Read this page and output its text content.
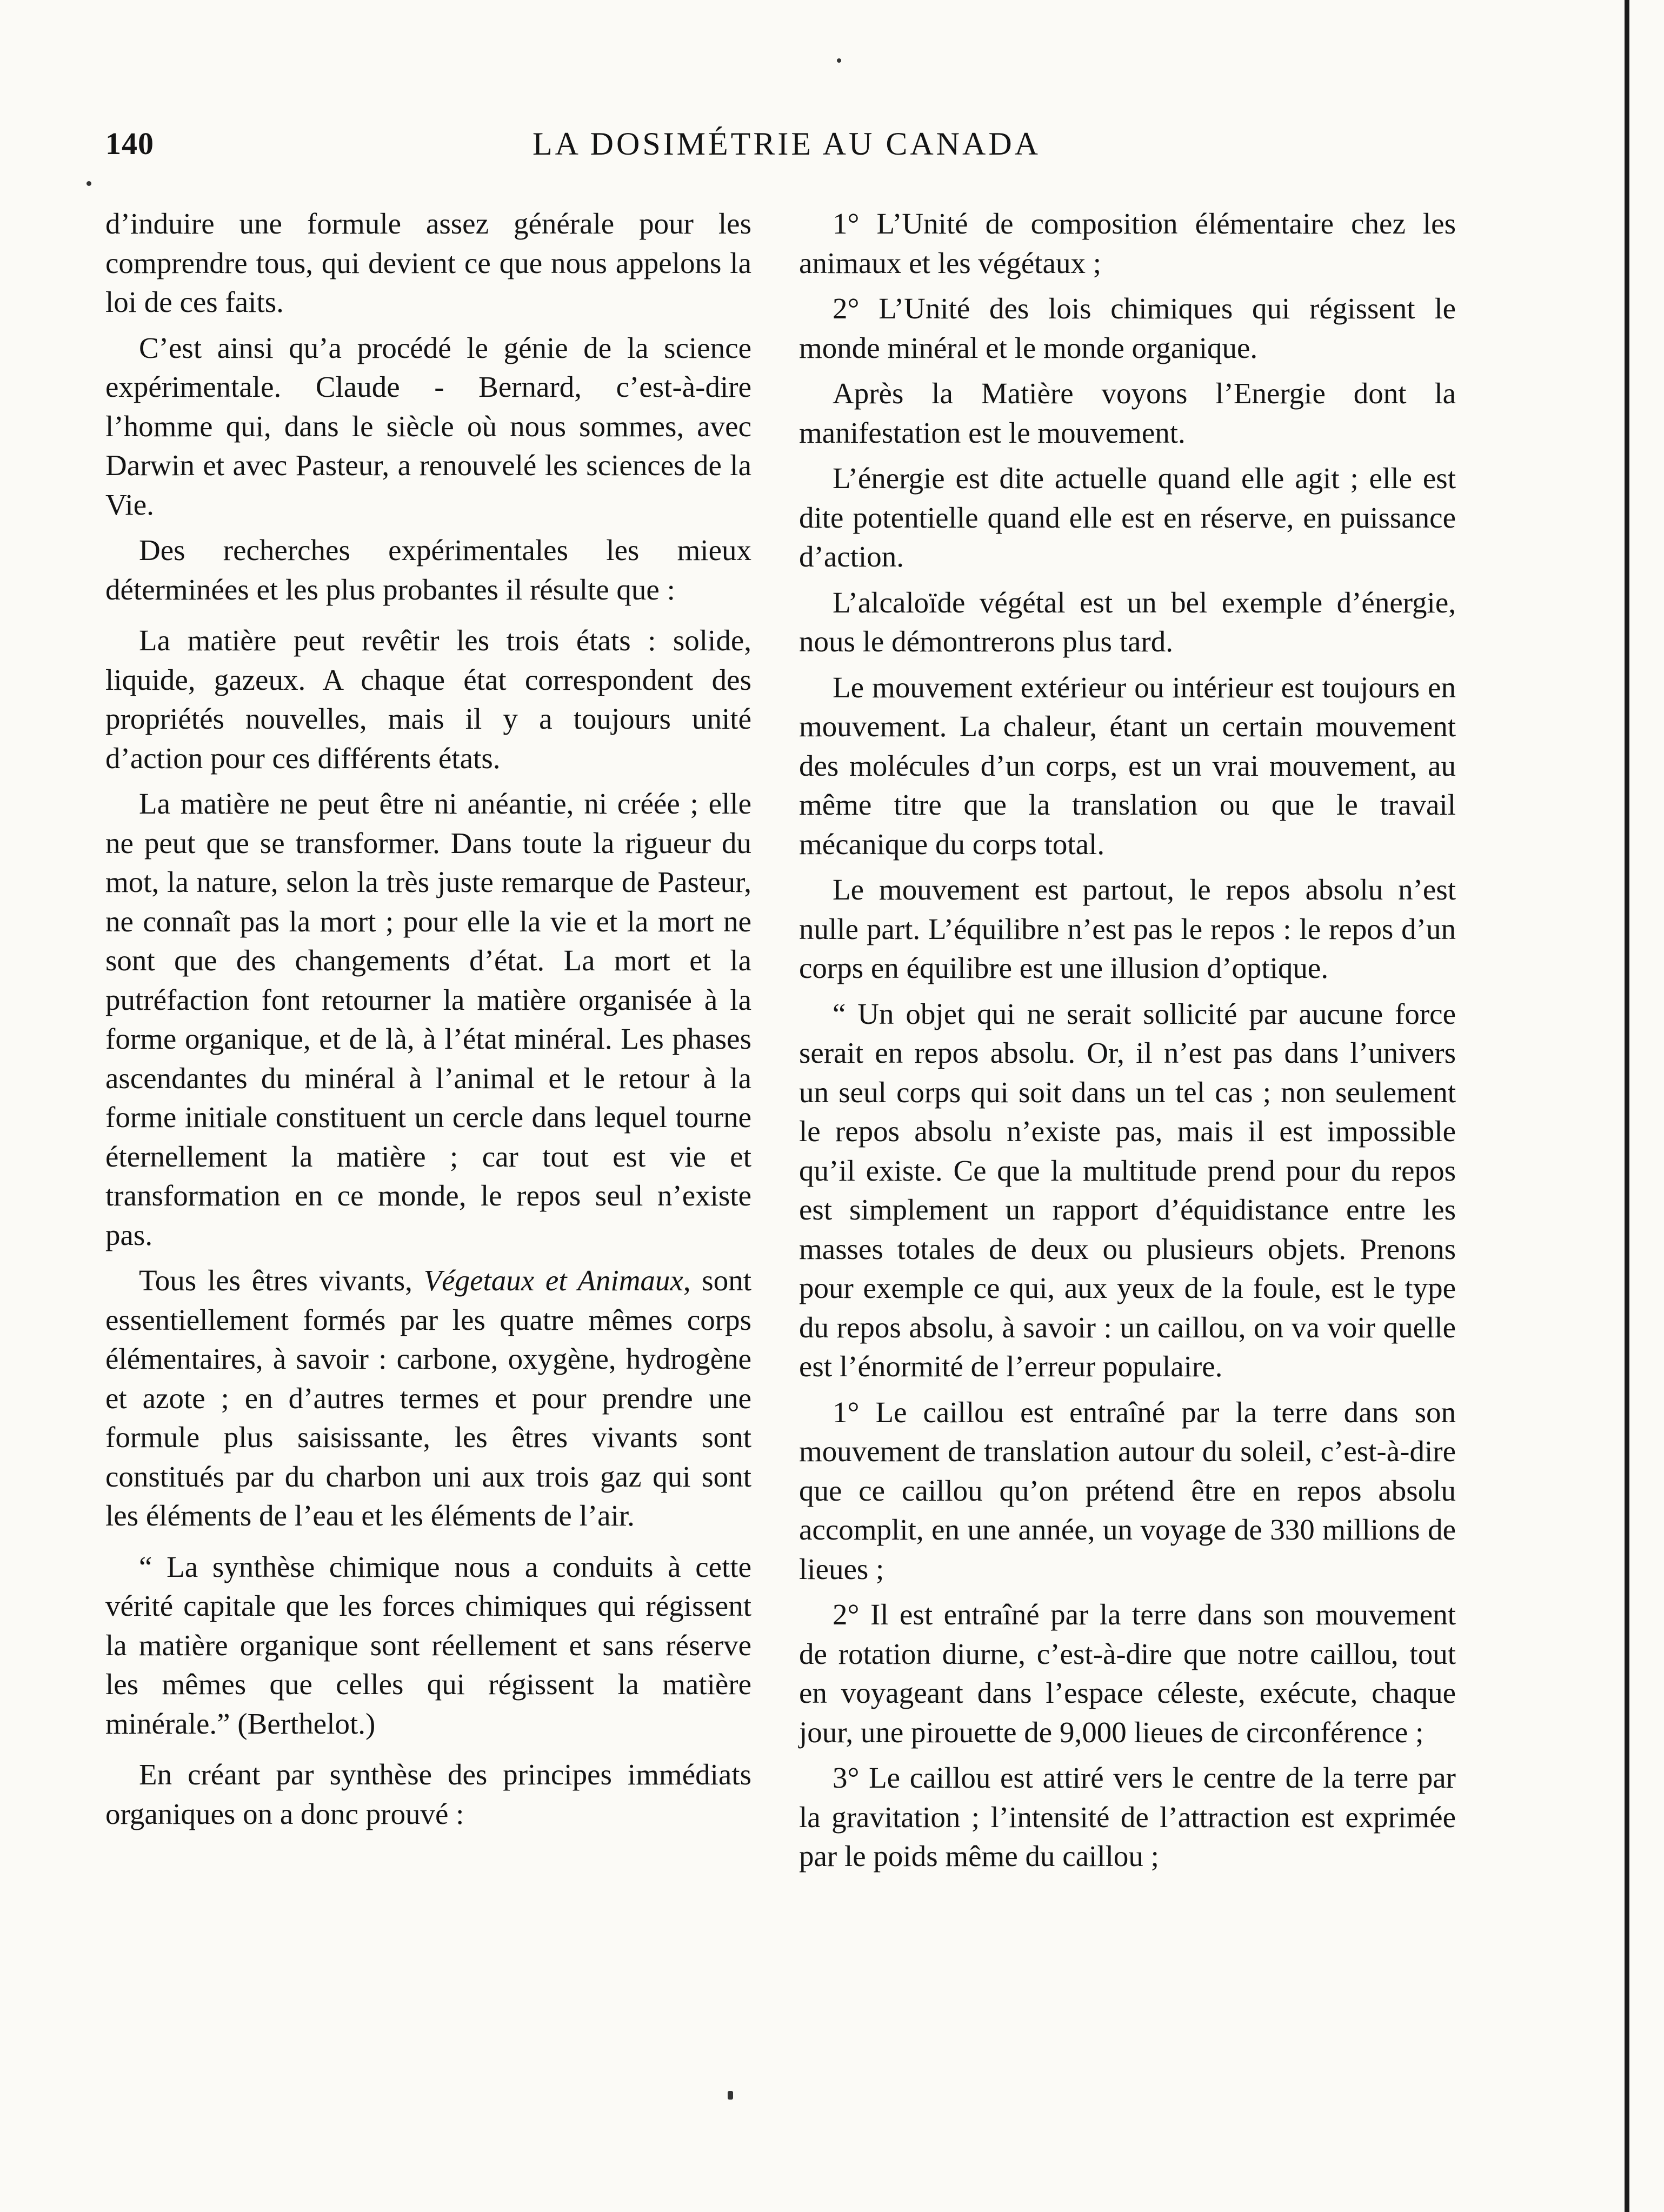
140	LA DOSIMÉTRIE AU CANADA

d’induire une formule assez générale pour les comprendre tous, qui devient ce que nous appelons la loi de ces faits.

C’est ainsi qu’a procédé le génie de la science expérimentale. Claude - Bernard, c’est-à-dire l’homme qui, dans le siècle où nous sommes, avec Darwin et avec Pasteur, a renouvelé les sciences de la Vie.

Des recherches expérimentales les mieux déterminées et les plus probantes il résulte que :

La matière peut revêtir les trois états : solide, liquide, gazeux. A chaque état correspondent des propriétés nouvelles, mais il y a toujours unité d’action pour ces différents états.

La matière ne peut être ni anéantie, ni créée ; elle ne peut que se transformer. Dans toute la rigueur du mot, la nature, selon la très juste remarque de Pasteur, ne connaît pas la mort ; pour elle la vie et la mort ne sont que des changements d’état. La mort et la putréfaction font retourner la matière organisée à la forme organique, et de là, à l’état minéral. Les phases ascendantes du minéral à l’animal et le retour à la forme initiale constituent un cercle dans lequel tourne éternellement la matière ; car tout est vie et transformation en ce monde, le repos seul n’existe pas.

Tous les êtres vivants, Végetaux et Animaux, sont essentiellement formés par les quatre mêmes corps élémentaires, à savoir : carbone, oxygène, hydrogène et azote ; en d’autres termes et pour prendre une formule plus saisissante, les êtres vivants sont constitués par du charbon uni aux trois gaz qui sont les éléments de l’eau et les éléments de l’air.

“ La synthèse chimique nous a conduits à cette vérité capitale que les forces chimiques qui régissent la matière organique sont réellement et sans réserve les mêmes que celles qui régissent la matière minérale.” (Berthelot.)

En créant par synthèse des principes immédiats organiques on a donc prouvé :

1° L’Unité de composition élémentaire chez les animaux et les végétaux ;

2° L’Unité des lois chimiques qui régissent le monde minéral et le monde organique.

Après la Matière voyons l’Energie dont la manifestation est le mouvement.

L’énergie est dite actuelle quand elle agit ; elle est dite potentielle quand elle est en réserve, en puissance d’action.

L’alcaloïde végétal est un bel exemple d’énergie, nous le démontrerons plus tard.

Le mouvement extérieur ou intérieur est toujours en mouvement. La chaleur, étant un certain mouvement des molécules d’un corps, est un vrai mouvement, au même titre que la translation ou que le travail mécanique du corps total.

Le mouvement est partout, le repos absolu n’est nulle part. L’équilibre n’est pas le repos : le repos d’un corps en équilibre est une illusion d’optique.

“ Un objet qui ne serait sollicité par aucune force serait en repos absolu. Or, il n’est pas dans l’univers un seul corps qui soit dans un tel cas ; non seulement le repos absolu n’existe pas, mais il est impossible qu’il existe. Ce que la multitude prend pour du repos est simplement un rapport d’équidistance entre les masses totales de deux ou plusieurs objets. Prenons pour exemple ce qui, aux yeux de la foule, est le type du repos absolu, à savoir : un caillou, on va voir quelle est l’énormité de l’erreur populaire.

1° Le caillou est entraîné par la terre dans son mouvement de translation autour du soleil, c’est-à-dire que ce caillou qu’on prétend être en repos absolu accomplit, en une année, un voyage de 330 millions de lieues ;

2° Il est entraîné par la terre dans son mouvement de rotation diurne, c’est-à-dire que notre caillou, tout en voyageant dans l’espace céleste, exécute, chaque jour, une pirouette de 9,000 lieues de circonférence ;

3° Le caillou est attiré vers le centre de la terre par la gravitation ; l’intensité de l’attraction est exprimée par le poids même du caillou ;
